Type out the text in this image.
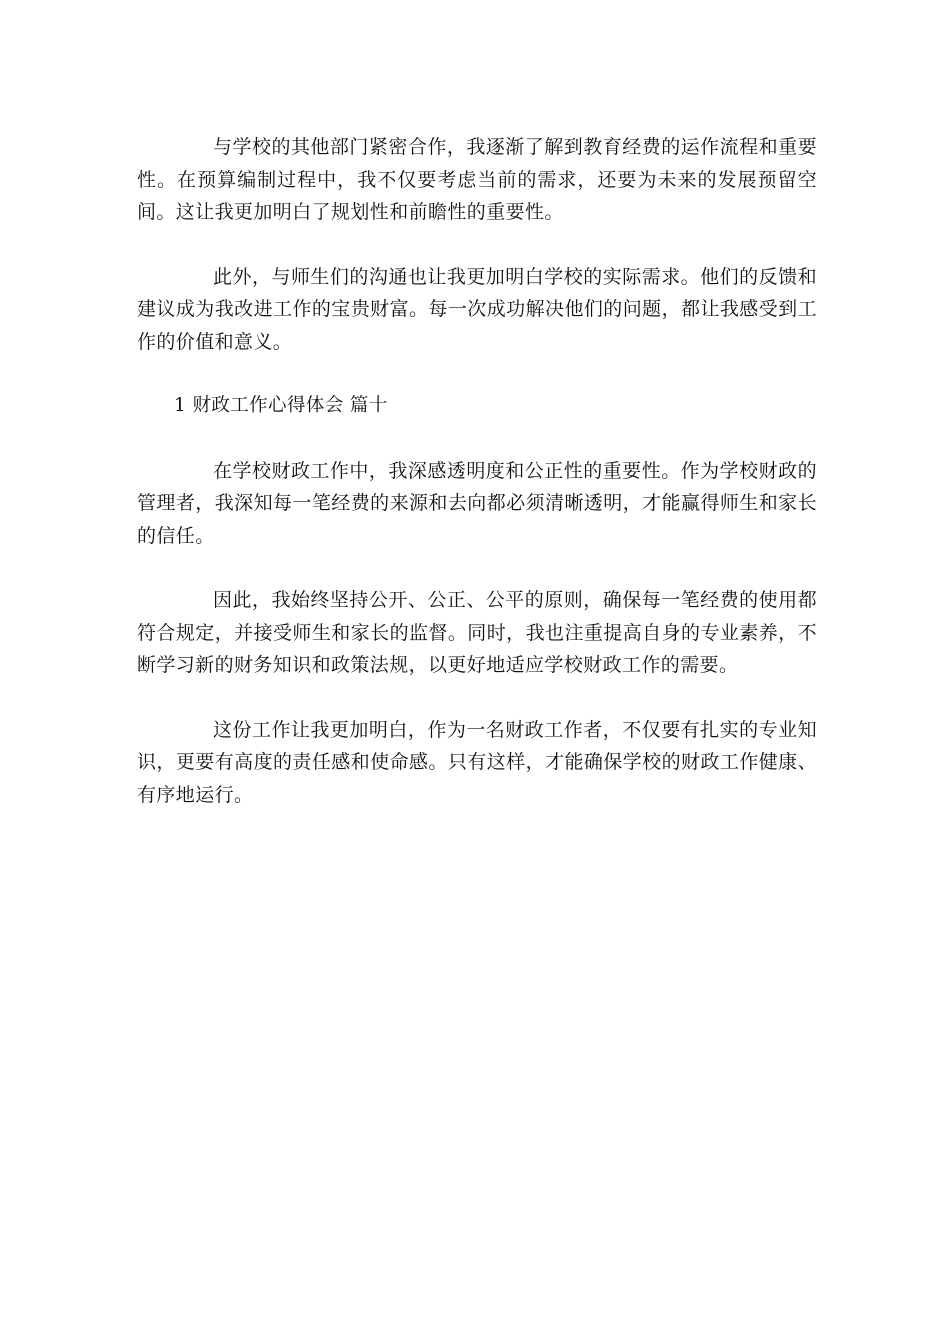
与学校的其他部门紧密合作，我逐渐了解到教育经费的运作流程和重要性。在预算编制过程中，我不仅要考虑当前的需求，还要为未来的发展预留空间。这让我更加明白了规划性和前瞻性的重要性。

此外，与师生们的沟通也让我更加明白学校的实际需求。他们的反馈和建议成为我改进工作的宝贵财富。每一次成功解决他们的问题，都让我感受到工作的价值和意义。

1 财政工作心得体会 篇十

在学校财政工作中，我深感透明度和公正性的重要性。作为学校财政的管理者，我深知每一笔经费的来源和去向都必须清晰透明，才能赢得师生和家长的信任。

因此，我始终坚持公开、公正、公平的原则，确保每一笔经费的使用都符合规定，并接受师生和家长的监督。同时，我也注重提高自身的专业素养，不断学习新的财务知识和政策法规，以更好地适应学校财政工作的需要。

这份工作让我更加明白，作为一名财政工作者，不仅要有扎实的专业知识，更要有高度的责任感和使命感。只有这样，才能确保学校的财政工作健康、有序地运行。
